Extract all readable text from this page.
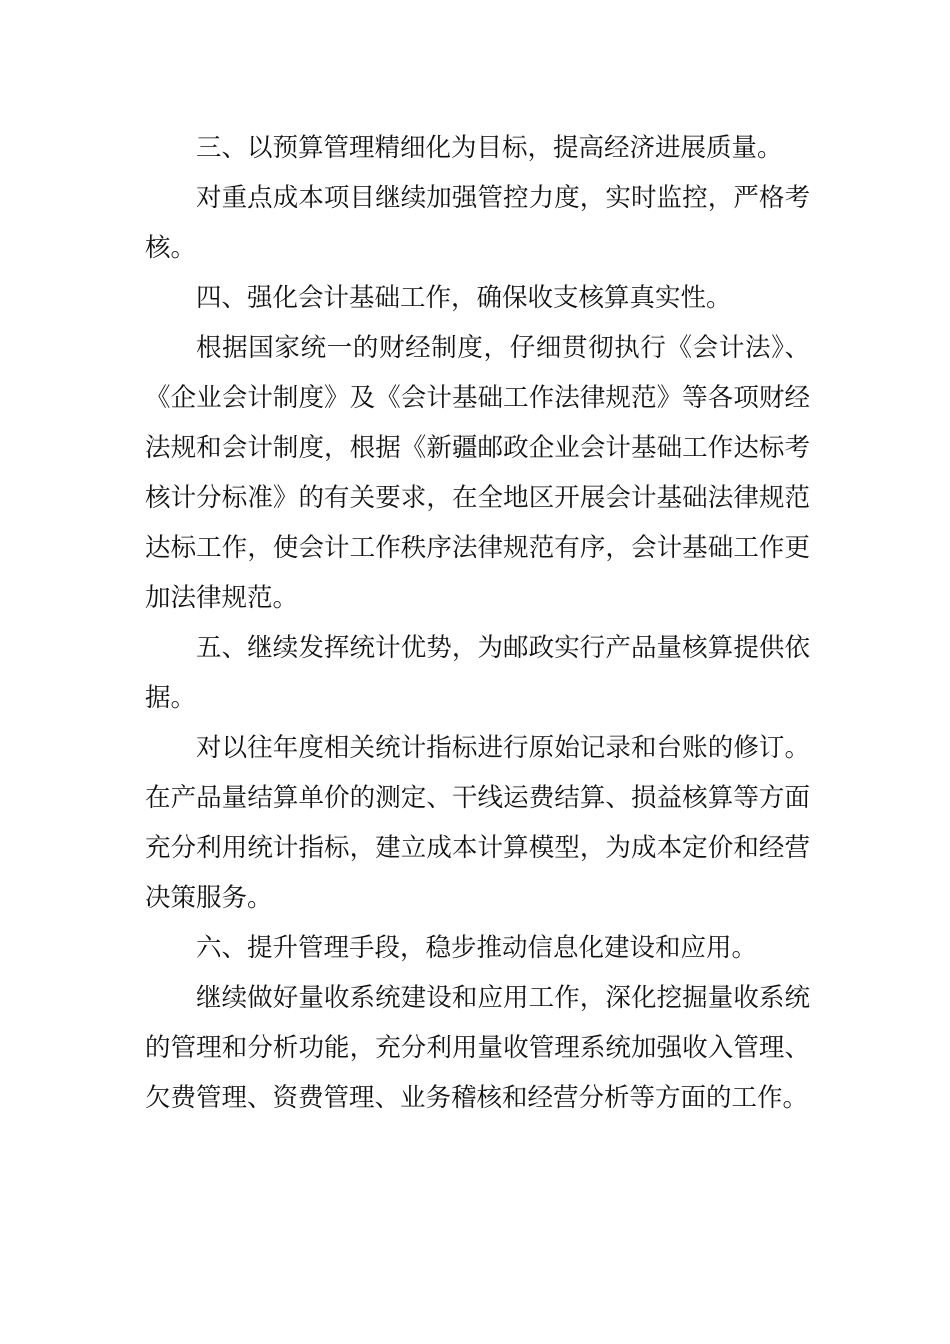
三、以预算管理精细化为目标，提高经济进展质量。

对重点成本项目继续加强管控力度，实时监控，严格考核。

四、强化会计基础工作，确保收支核算真实性。

根据国家统一的财经制度，仔细贯彻执行《会计法》、《企业会计制度》及《会计基础工作法律规范》等各项财经法规和会计制度，根据《新疆邮政企业会计基础工作达标考核计分标准》的有关要求，在全地区开展会计基础法律规范达标工作，使会计工作秩序法律规范有序，会计基础工作更加法律规范。

五、继续发挥统计优势，为邮政实行产品量核算提供依据。

对以往年度相关统计指标进行原始记录和台账的修订。在产品量结算单价的测定、干线运费结算、损益核算等方面充分利用统计指标，建立成本计算模型，为成本定价和经营决策服务。

六、提升管理手段，稳步推动信息化建设和应用。

继续做好量收系统建设和应用工作，深化挖掘量收系统的管理和分析功能，充分利用量收管理系统加强收入管理、欠费管理、资费管理、业务稽核和经营分析等方面的工作。
